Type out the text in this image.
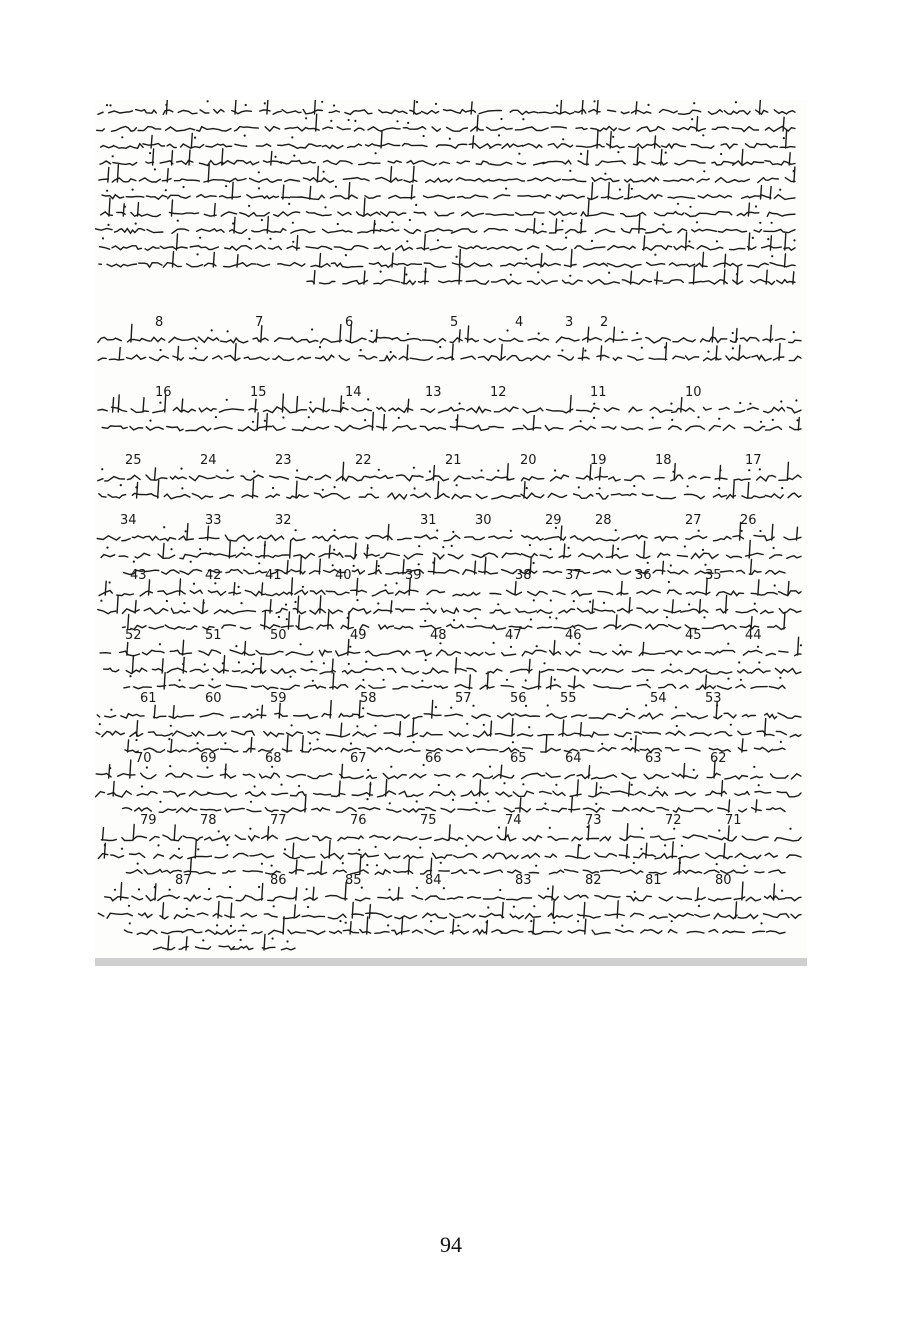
8	7	6	5	4	3 2
16	15	14	13	12	11	10
25	24	23	22	21	20	19	18	17
34	33	32	31	30	29	28	27	26
43	42	41	40	39	38	37	36	35
52	51	50	49	48	47	46	45	44
61	60	59	58	57	56	55	54	53
70	69	68	67	66	65	64	63	62
79	78	77	76	75	74	73	72	71
87	86	85	84	83	82	81	80
94
